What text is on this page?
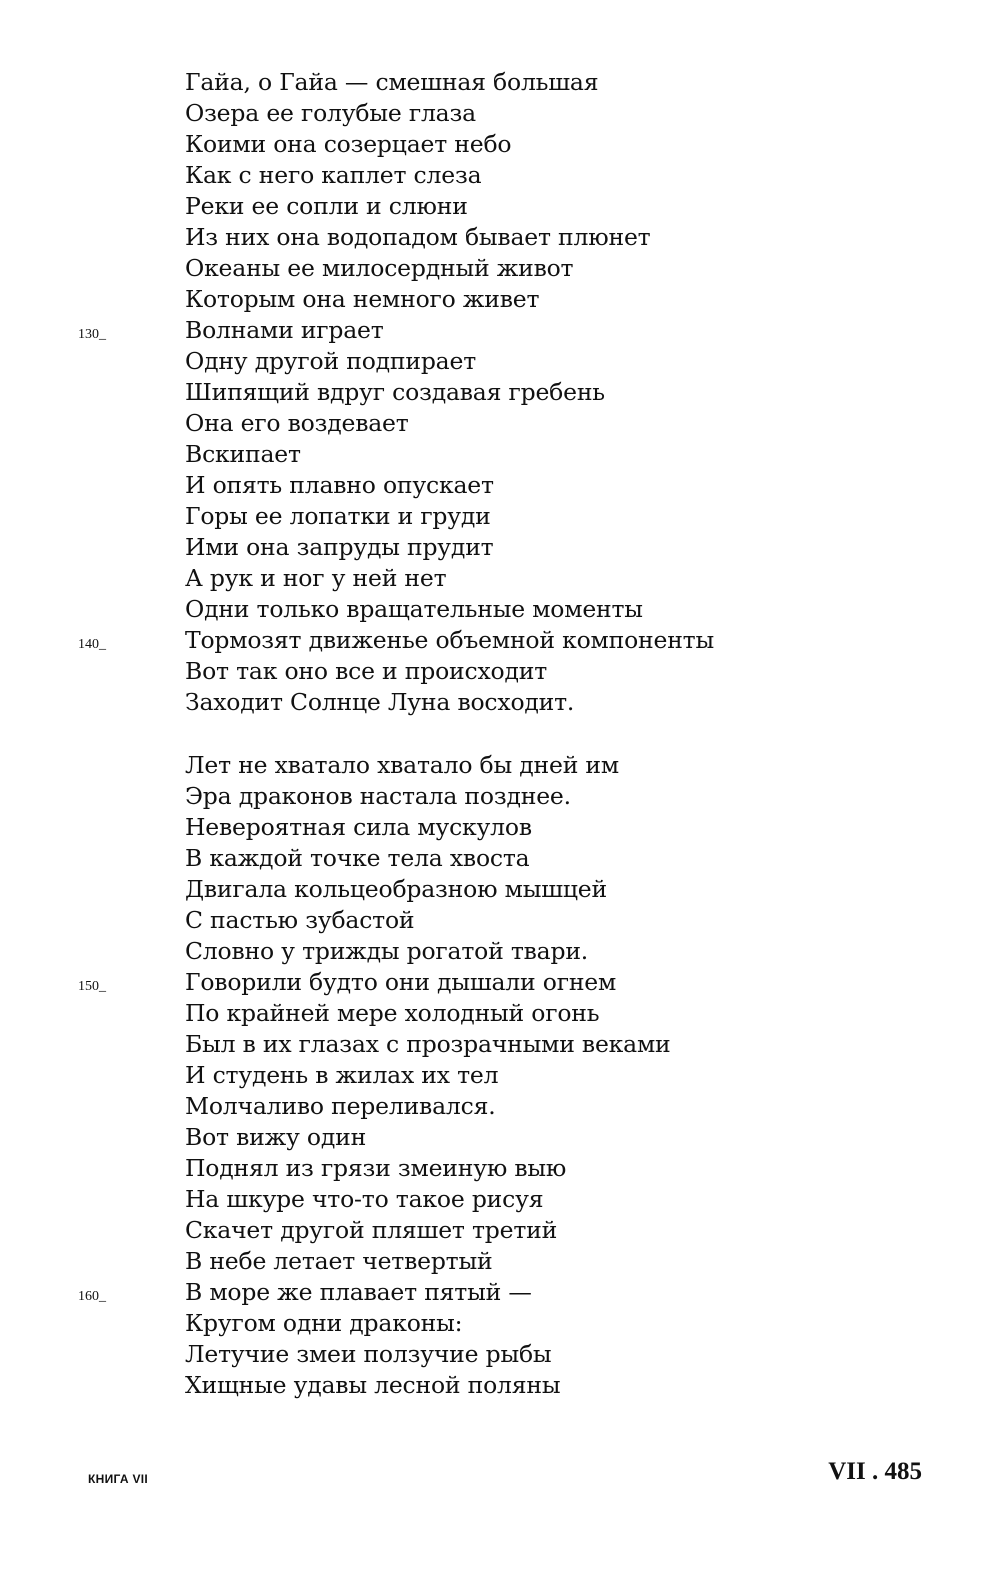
Гайа, о Гайа — смешная большая
Озера ее голубые глаза
Коими она созерцает небо
Как с него каплет слеза
Реки ее сопли и слюни
Из них она водопадом бывает плюнет
Океаны ее милосердный живот
Которым она немного живет
130_	Волнами играет
Одну другой подпирает
Шипящий вдруг создавая гребень
Она его воздевает
Вскипает
И опять плавно опускает
Горы ее лопатки и груди
Ими она запруды прудит
А рук и ног у ней нет
Одни только вращательные моменты
140_	Тормозят движенье объемной компоненты
Вот так оно все и происходит
Заходит Солнце Луна восходит.
Лет не хватало хватало бы дней им
Эра драконов настала позднее.
Невероятная сила мускулов
В каждой точке тела хвоста
Двигала кольцеобразною мышцей
С пастью зубастой
Словно у трижды рогатой твари.
150_	Говорили будто они дышали огнем
По крайней мере холодный огонь
Был в их глазах с прозрачными веками
И студень в жилах их тел
Молчаливо переливался.
Вот вижу один
Поднял из грязи змеиную выю
На шкуре что-то такое рисуя
Скачет другой пляшет третий
В небе летает четвертый
160_	В море же плавает пятый —
Кругом одни драконы:
Летучие змеи ползучие рыбы
Хищные удавы лесной поляны
КНИГА VII	VII . 485
